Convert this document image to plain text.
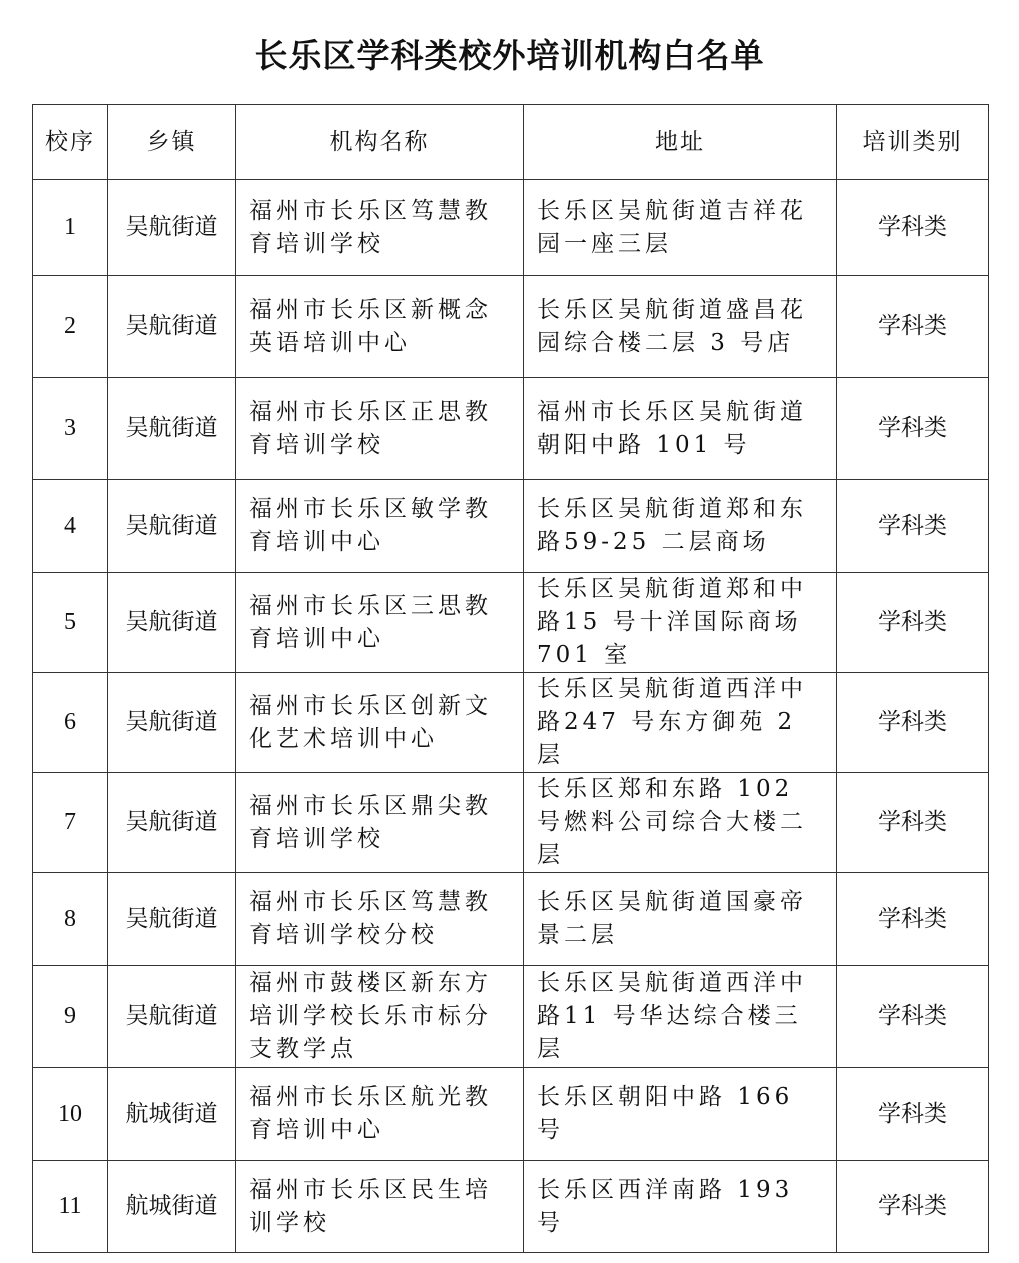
长乐区学科类校外培训机构白名单
校序	乡镇	机构名称	地址	培训类别
1	吴航街道	福州市长乐区笃慧教育培训学校	长乐区吴航街道吉祥花园一座三层	学科类
2	吴航街道	福州市长乐区新概念英语培训中心	长乐区吴航街道盛昌花园综合楼二层 3 号店	学科类
3	吴航街道	福州市长乐区正思教育培训学校	福州市长乐区吴航街道朝阳中路 101 号	学科类
4	吴航街道	福州市长乐区敏学教育培训中心	长乐区吴航街道郑和东路59-25 二层商场	学科类
5	吴航街道	福州市长乐区三思教育培训中心	长乐区吴航街道郑和中路15 号十洋国际商场 701 室	学科类
6	吴航街道	福州市长乐区创新文化艺术培训中心	长乐区吴航街道西洋中路247 号东方御苑 2 层	学科类
7	吴航街道	福州市长乐区鼎尖教育培训学校	长乐区郑和东路 102 号燃料公司综合大楼二层	学科类
8	吴航街道	福州市长乐区笃慧教育培训学校分校	长乐区吴航街道国豪帝景二层	学科类
9	吴航街道	福州市鼓楼区新东方培训学校长乐市标分支教学点	长乐区吴航街道西洋中路11 号华达综合楼三层	学科类
10	航城街道	福州市长乐区航光教育培训中心	长乐区朝阳中路 166 号	学科类
11	航城街道	福州市长乐区民生培训学校	长乐区西洋南路 193 号	学科类
